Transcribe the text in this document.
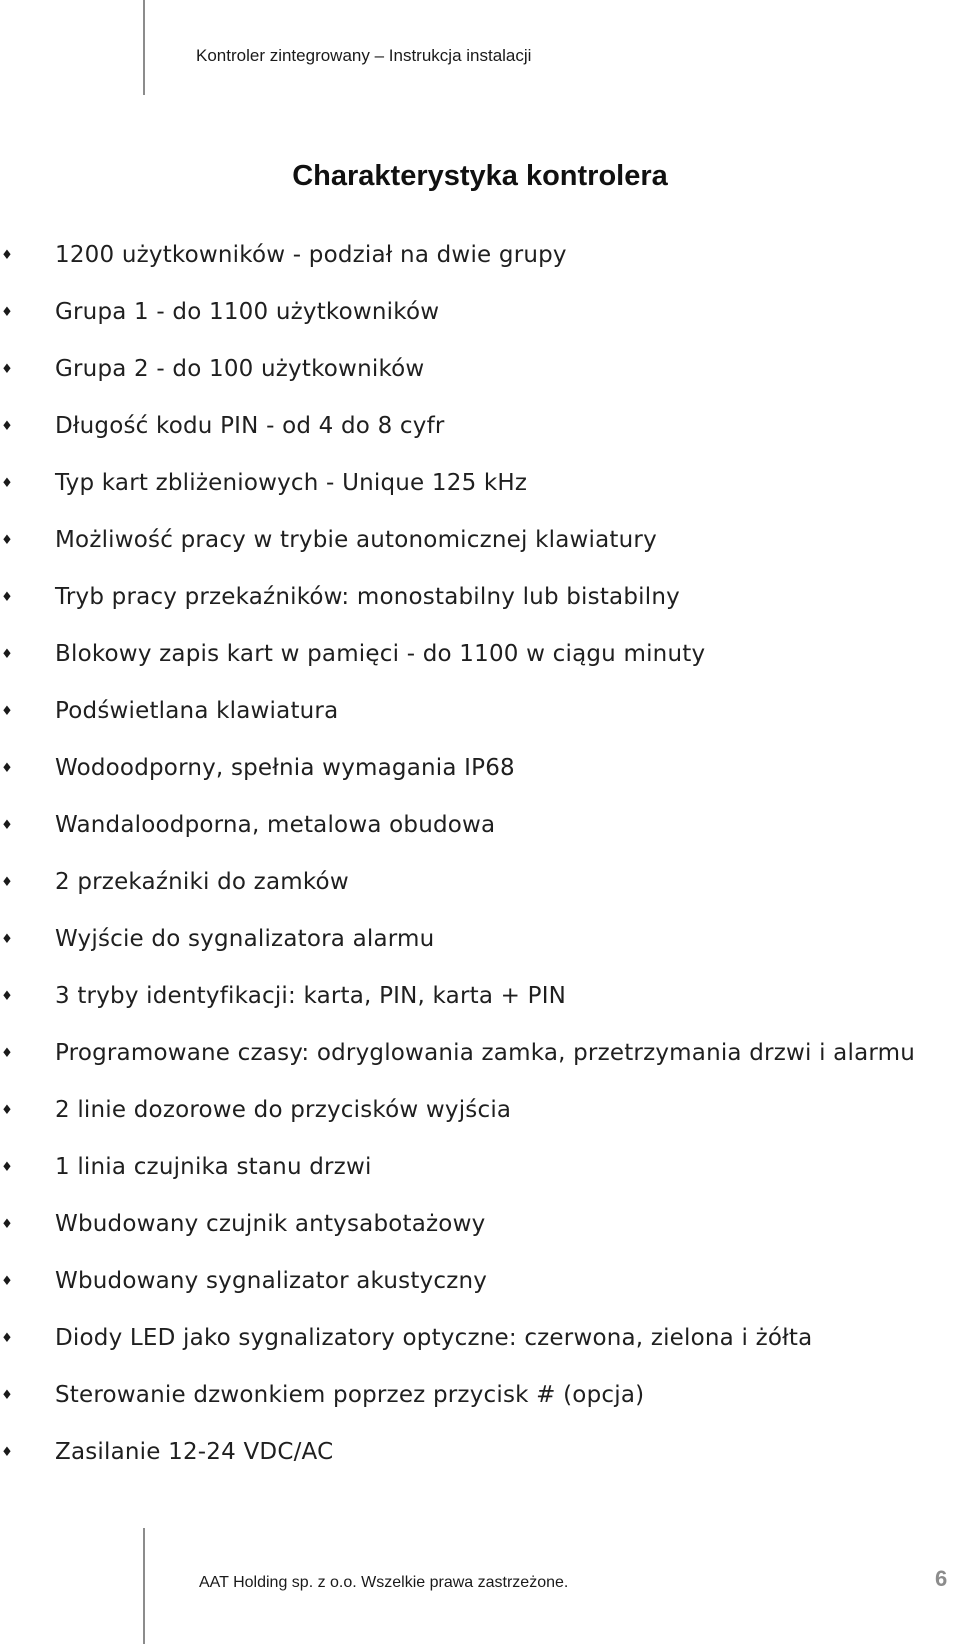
Kontroler zintegrowany – Instrukcja instalacji
Charakterystyka kontrolera
♦ 1200 użytkowników - podział na dwie grupy
♦ Grupa 1 - do 1100 użytkowników
♦ Grupa 2 - do 100 użytkowników
♦ Długość kodu PIN - od 4 do 8 cyfr
♦ Typ kart zbliżeniowych - Unique 125 kHz
♦ Możliwość pracy w trybie autonomicznej klawiatury
♦ Tryb pracy przekaźników: monostabilny lub bistabilny
♦ Blokowy zapis kart w pamięci - do 1100 w ciągu minuty
♦ Podświetlana klawiatura
♦ Wodoodporny, spełnia wymagania IP68
♦ Wandaloodporna, metalowa obudowa
♦ 2 przekaźniki do zamków
♦ Wyjście do sygnalizatora alarmu
♦ 3 tryby identyfikacji: karta, PIN, karta + PIN
♦ Programowane czasy: odryglowania zamka, przetrzymania drzwi i alarmu
♦ 2 linie dozorowe do przycisków wyjścia
♦ 1 linia czujnika stanu drzwi
♦ Wbudowany czujnik antysabotażowy
♦ Wbudowany sygnalizator akustyczny
♦ Diody LED jako sygnalizatory optyczne: czerwona, zielona i żółta
♦ Sterowanie dzwonkiem poprzez przycisk # (opcja)
♦ Zasilanie 12-24 VDC/AC
AAT Holding sp. z o.o. Wszelkie prawa zastrzeżone.	6
